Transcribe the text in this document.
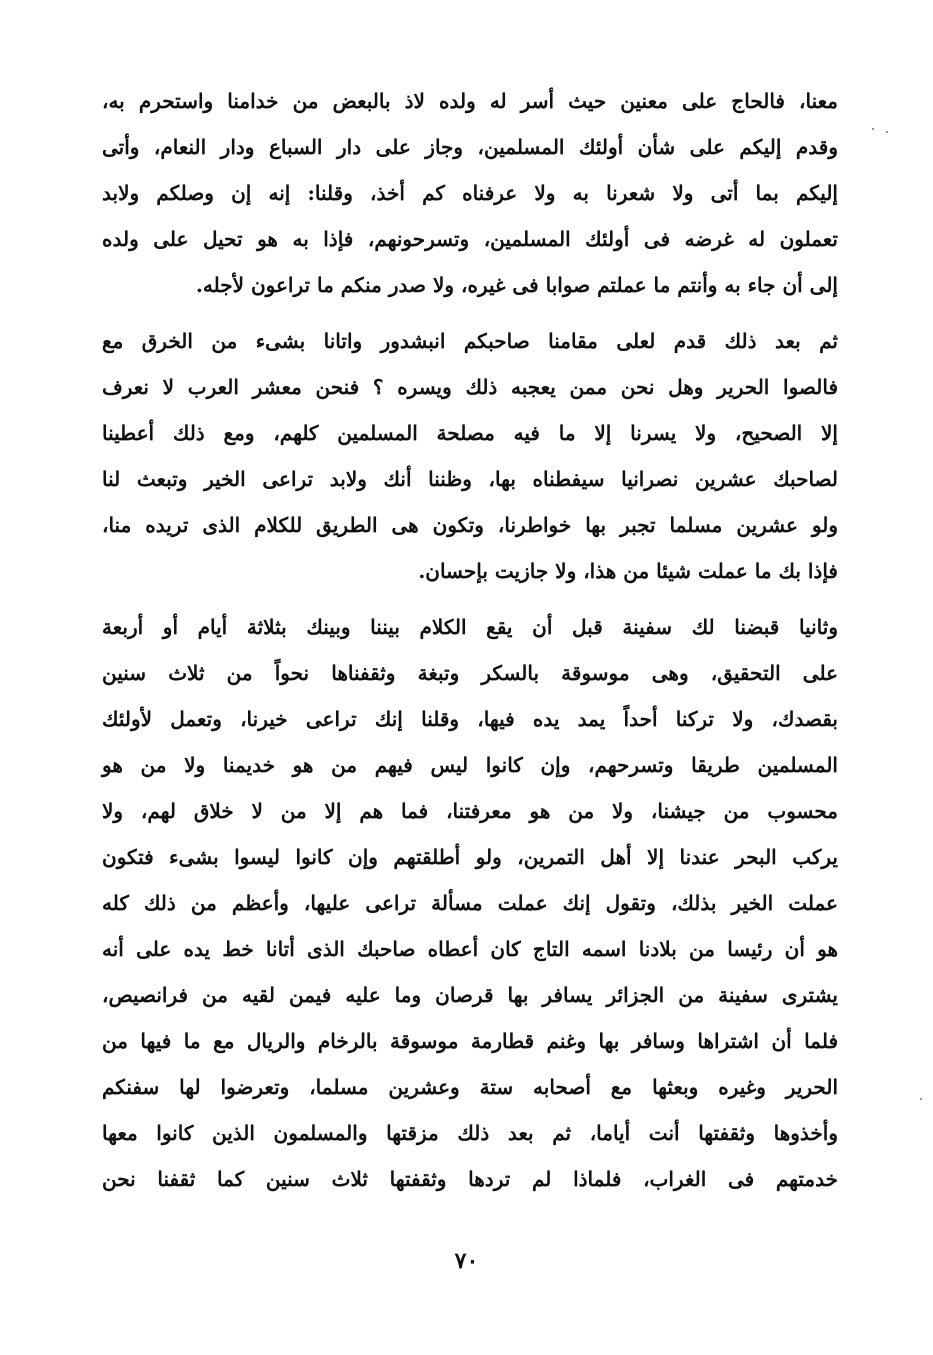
معنا، فالحاج على معنين حيث أسر له ولده لاذ بالبعض من خدامنا واستحرم به،
وقدم إليكم على شأن أولئك المسلمين، وجاز على دار السباع ودار النعام، وأتى
إليكم بما أتى ولا شعرنا به ولا عرفناه كم أخذ، وقلنا: إنه إن وصلكم ولابد
تعملون له غرضه فى أولئك المسلمين، وتسرحونهم، فإذا به هو تحيل على ولده
إلى أن جاء به وأنتم ما عملتم صوابا فى غيره، ولا صدر منكم ما تراعون لأجله.
ثم بعد ذلك قدم لعلى مقامنا صاحبكم انبشدور واتانا بشىء من الخرق مع
فالصوا الحرير وهل نحن ممن يعجبه ذلك ويسره ؟ فنحن معشر العرب لا نعرف
إلا الصحيح، ولا يسرنا إلا ما فيه مصلحة المسلمين كلهم، ومع ذلك أعطينا
لصاحبك عشرين نصرانيا سيفطناه بها، وظننا أنك ولابد تراعى الخير وتبعث لنا
ولو عشرين مسلما تجبر بها خواطرنا، وتكون هى الطريق للكلام الذى تريده منا،
فإذا بك ما عملت شيئا من هذا، ولا جازيت بإحسان.
وثانيا قبضنا لك سفينة قبل أن يقع الكلام بيننا وبينك بثلاثة أيام أو أربعة
على التحقيق، وهى موسوقة بالسكر وتبغة وثقفناها نحواً من ثلاث سنين
بقصدك، ولا تركنا أحداً يمد يده فيها، وقلنا إنك تراعى خيرنا، وتعمل لأولئك
المسلمين طريقا وتسرحهم، وإن كانوا ليس فيهم من هو خديمنا ولا من هو
محسوب من جيشنا، ولا من هو معرفتنا، فما هم إلا من لا خلاق لهم، ولا
يركب البحر عندنا إلا أهل التمرين، ولو أطلقتهم وإن كانوا ليسوا بشىء فتكون
عملت الخير بذلك، وتقول إنك عملت مسألة تراعى عليها، وأعظم من ذلك كله
هو أن رئيسا من بلادنا اسمه التاج كان أعطاه صاحبك الذى أتانا خط يده على أنه
يشترى سفينة من الجزائر يسافر بها قرصان وما عليه فيمن لقيه من فرانصيص،
فلما أن اشتراها وسافر بها وغنم قطارمة موسوقة بالرخام والريال مع ما فيها من
الحرير وغيره وبعثها مع أصحابه ستة وعشرين مسلما، وتعرضوا لها سفنكم
وأخذوها وثقفتها أنت أياما، ثم بعد ذلك مزقتها والمسلمون الذين كانوا معها
خدمتهم فى الغراب، فلماذا لم تردها وثقفتها ثلاث سنين كما ثقفنا نحن
٧٠
